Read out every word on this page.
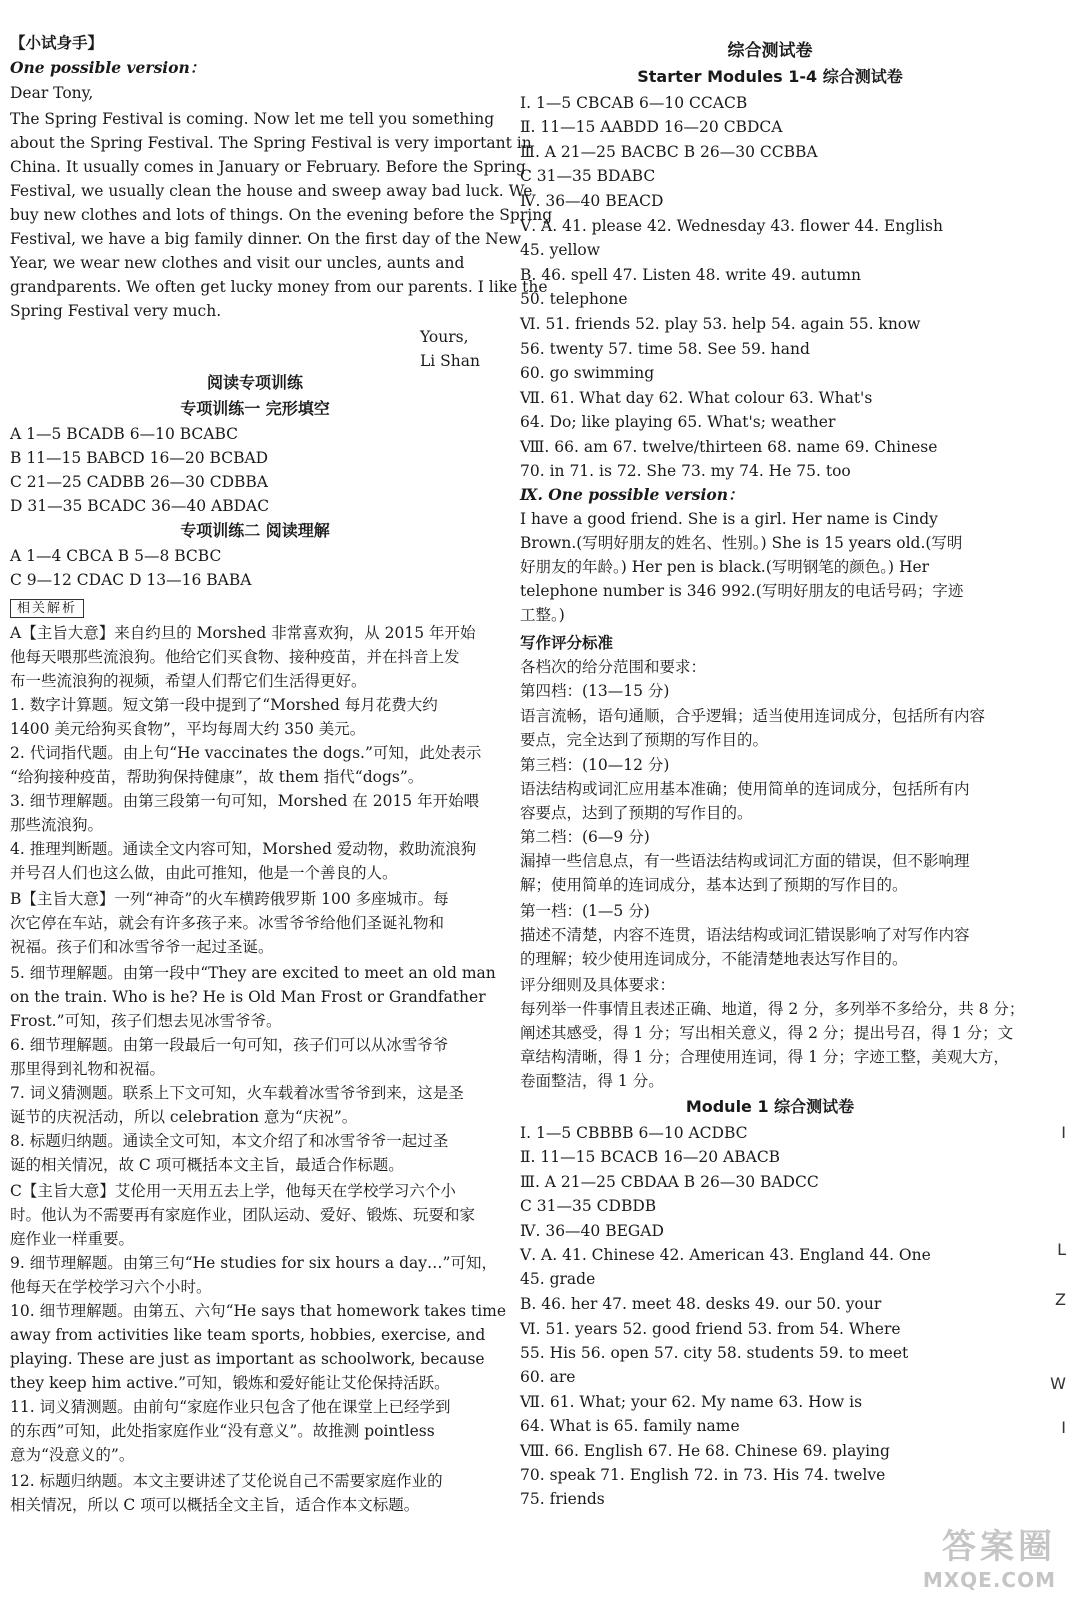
【小试身手】
One possible version：
Dear Tony,
The Spring Festival is coming. Now let me tell you something
about the Spring Festival. The Spring Festival is very important in
China. It usually comes in January or February. Before the Spring
Festival, we usually clean the house and sweep away bad luck. We
buy new clothes and lots of things. On the evening before the Spring
Festival, we have a big family dinner. On the first day of the New
Year, we wear new clothes and visit our uncles, aunts and
grandparents. We often get lucky money from our parents. I like the
Spring Festival very much.
Yours,
Li Shan
阅读专项训练
专项训练一 完形填空
A 1—5 BCADB 6—10 BCABC
B 11—15 BABCD 16—20 BCBAD
C 21—25 CADBB 26—30 CDBBA
D 31—35 BCADC 36—40 ABDAC
专项训练二 阅读理解
A 1—4 CBCA B 5—8 BCBC
C 9—12 CDAC D 13—16 BABA
相关解析
A【主旨大意】来自约旦的 Morshed 非常喜欢狗，从 2015 年开始
他每天喂那些流浪狗。他给它们买食物、接种疫苗，并在抖音上发
布一些流浪狗的视频，希望人们帮它们生活得更好。
1. 数字计算题。短文第一段中提到了“Morshed 每月花费大约
1400 美元给狗买食物”，平均每周大约 350 美元。
2. 代词指代题。由上句“He vaccinates the dogs.”可知，此处表示
“给狗接种疫苗，帮助狗保持健康”，故 them 指代“dogs”。
3. 细节理解题。由第三段第一句可知，Morshed 在 2015 年开始喂
那些流浪狗。
4. 推理判断题。通读全文内容可知，Morshed 爱动物，救助流浪狗
并号召人们也这么做，由此可推知，他是一个善良的人。
B【主旨大意】一列“神奇”的火车横跨俄罗斯 100 多座城市。每
次它停在车站，就会有许多孩子来。冰雪爷爷给他们圣诞礼物和
祝福。孩子们和冰雪爷爷一起过圣诞。
5. 细节理解题。由第一段中“They are excited to meet an old man
on the train. Who is he? He is Old Man Frost or Grandfather
Frost.”可知，孩子们想去见冰雪爷爷。
6. 细节理解题。由第一段最后一句可知，孩子们可以从冰雪爷爷
那里得到礼物和祝福。
7. 词义猜测题。联系上下文可知，火车载着冰雪爷爷到来，这是圣
诞节的庆祝活动，所以 celebration 意为“庆祝”。
8. 标题归纳题。通读全文可知，本文介绍了和冰雪爷爷一起过圣
诞的相关情况，故 C 项可概括本文主旨，最适合作标题。
C【主旨大意】艾伦用一天用五去上学，他每天在学校学习六个小
时。他认为不需要再有家庭作业，团队运动、爱好、锻炼、玩耍和家
庭作业一样重要。
9. 细节理解题。由第三句“He studies for six hours a day…”可知，
他每天在学校学习六个小时。
10. 细节理解题。由第五、六句“He says that homework takes time
away from activities like team sports, hobbies, exercise, and
playing. These are just as important as schoolwork, because
they keep him active.”可知，锻炼和爱好能让艾伦保持活跃。
11. 词义猜测题。由前句“家庭作业只包含了他在课堂上已经学到
的东西”可知，此处指家庭作业“没有意义”。故推测 pointless
意为“没意义的”。
12. 标题归纳题。本文主要讲述了艾伦说自己不需要家庭作业的
相关情况，所以 C 项可以概括全文主旨，适合作本文标题。
综合测试卷
Starter Modules 1-4 综合测试卷
Ⅰ. 1—5 CBCAB 6—10 CCACB
Ⅱ. 11—15 AABDD 16—20 CBDCA
Ⅲ. A 21—25 BACBC B 26—30 CCBBA
C 31—35 BDABC
Ⅳ. 36—40 BEACD
Ⅴ. A. 41. please 42. Wednesday 43. flower 44. English
45. yellow
B. 46. spell 47. Listen 48. write 49. autumn
50. telephone
Ⅵ. 51. friends 52. play 53. help 54. again 55. know
56. twenty 57. time 58. See 59. hand
60. go swimming
Ⅶ. 61. What day 62. What colour 63. What's
64. Do; like playing 65. What's; weather
Ⅷ. 66. am 67. twelve/thirteen 68. name 69. Chinese
70. in 71. is 72. She 73. my 74. He 75. too
Ⅸ. One possible version：
I have a good friend. She is a girl. Her name is Cindy
Brown.(写明好朋友的姓名、性别。) She is 15 years old.(写明
好朋友的年龄。) Her pen is black.(写明钢笔的颜色。) Her
telephone number is 346 992.(写明好朋友的电话号码；字迹
工整。)
写作评分标准
各档次的给分范围和要求：
第四档：(13—15 分)
语言流畅，语句通顺，合乎逻辑；适当使用连词成分，包括所有内容
要点，完全达到了预期的写作目的。
第三档：(10—12 分)
语法结构或词汇应用基本准确；使用简单的连词成分，包括所有内
容要点，达到了预期的写作目的。
第二档：(6—9 分)
漏掉一些信息点，有一些语法结构或词汇方面的错误，但不影响理
解；使用简单的连词成分，基本达到了预期的写作目的。
第一档：(1—5 分)
描述不清楚，内容不连贯，语法结构或词汇错误影响了对写作内容
的理解；较少使用连词成分，不能清楚地表达写作目的。
评分细则及具体要求：
每列举一件事情且表述正确、地道，得 2 分，多列举不多给分，共 8 分；
阐述其感受，得 1 分；写出相关意义，得 2 分；提出号召，得 1 分；文
章结构清晰，得 1 分；合理使用连词，得 1 分；字迹工整，美观大方，
卷面整洁，得 1 分。
Module 1 综合测试卷
Ⅰ. 1—5 CBBBB 6—10 ACDBC
Ⅱ. 11—15 BCACB 16—20 ABACB
Ⅲ. A 21—25 CBDAA B 26—30 BADCC
C 31—35 CDBDB
Ⅳ. 36—40 BEGAD
Ⅴ. A. 41. Chinese 42. American 43. England 44. One
45. grade
B. 46. her 47. meet 48. desks 49. our 50. your
Ⅵ. 51. years 52. good friend 53. from 54. Where
55. His 56. open 57. city 58. students 59. to meet
60. are
Ⅶ. 61. What; your 62. My name 63. How is
64. What is 65. family name
Ⅷ. 66. English 67. He 68. Chinese 69. playing
70. speak 71. English 72. in 73. His 74. twelve
75. friends
I
L
Z
W
I
答案圈
MXQE.COM
